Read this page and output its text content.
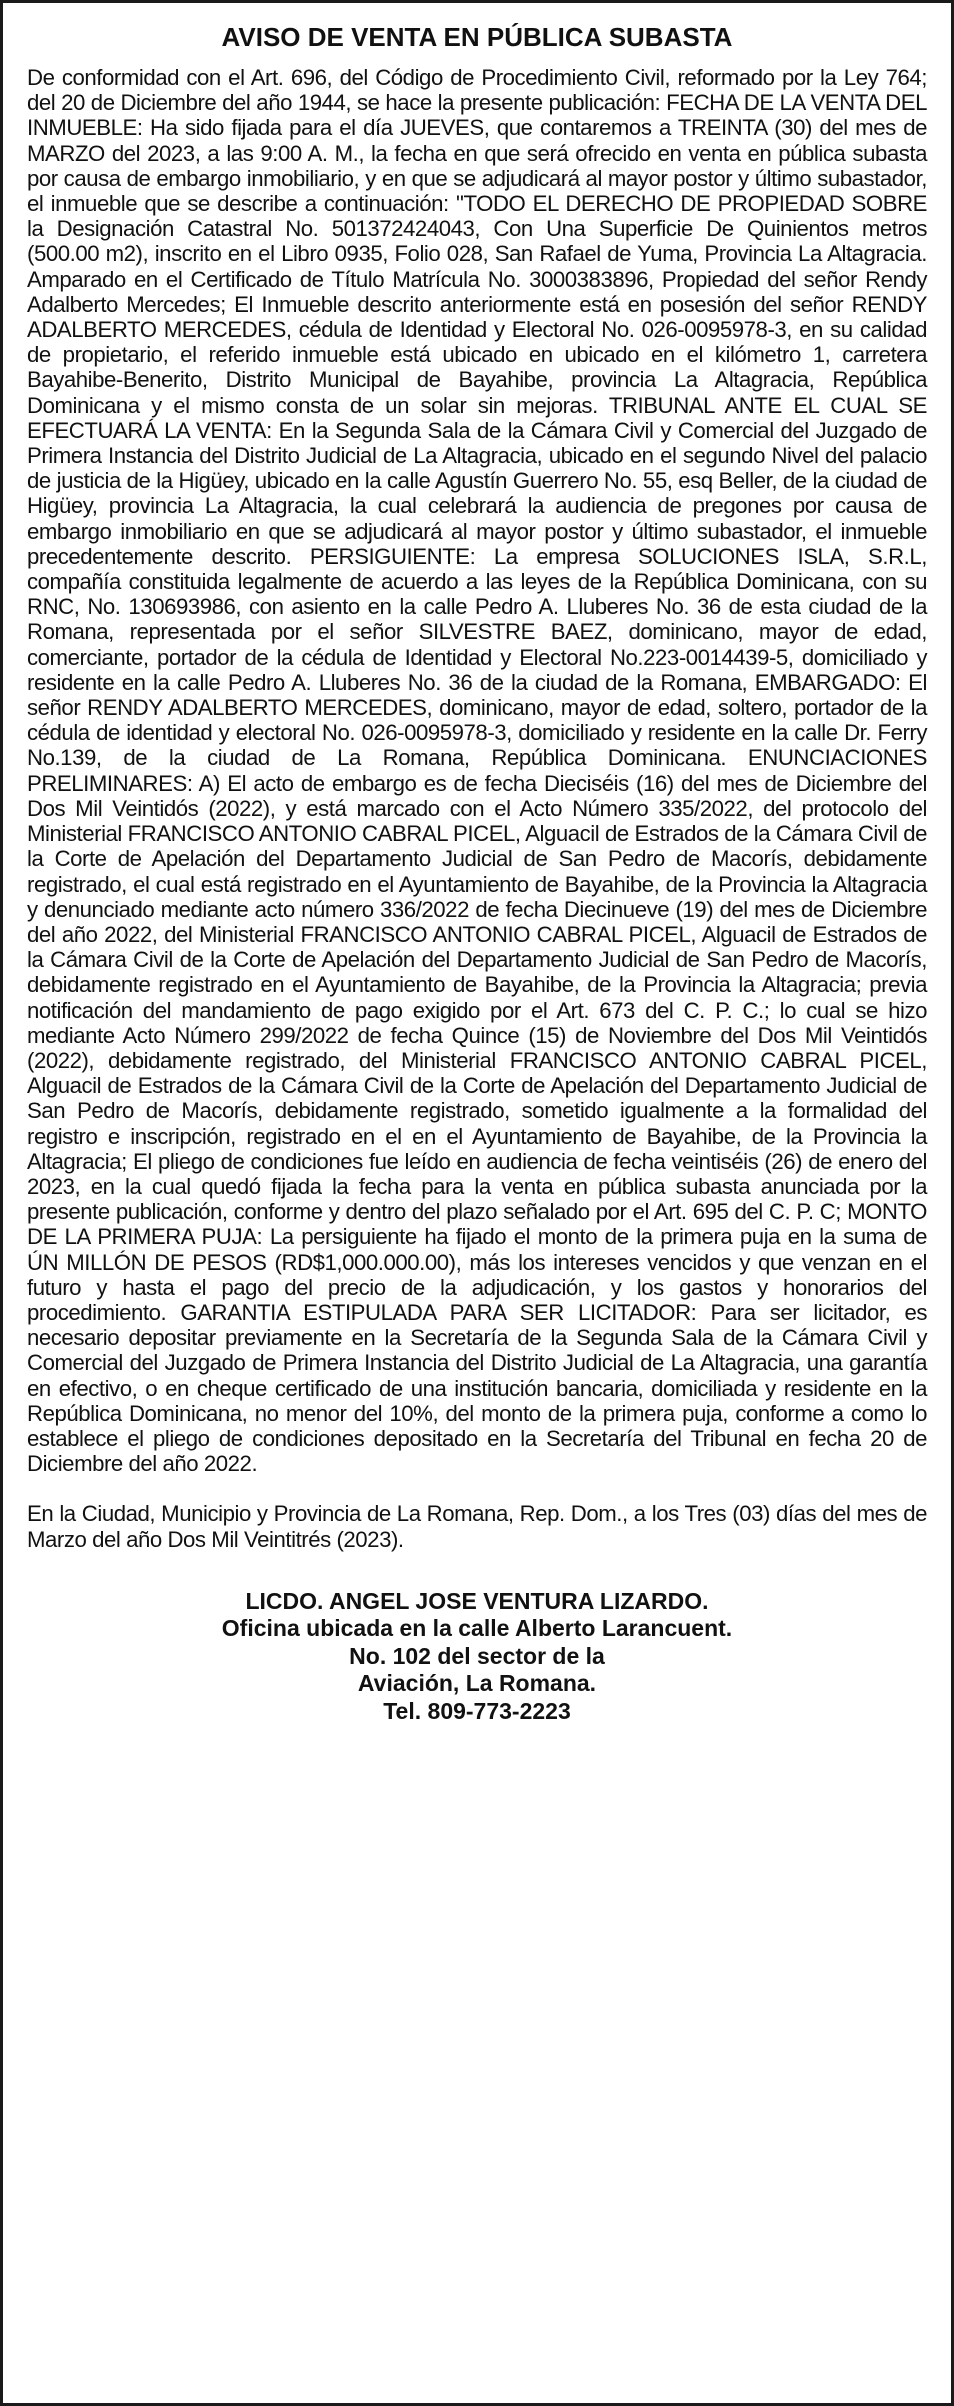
AVISO DE VENTA EN PÚBLICA SUBASTA

De conformidad con el Art. 696, del Código de Procedimiento Civil, reformado por la Ley 764; del 20 de Diciembre del año 1944, se hace la presente publicación: FECHA DE LA VENTA DEL INMUEBLE: Ha sido fijada para el día JUEVES, que contaremos a TREINTA (30) del mes de MARZO del 2023, a las 9:00 A. M., la fecha en que será ofrecido en venta en pública subasta por causa de embargo inmobiliario, y en que se adjudicará al mayor postor y último subastador, el inmueble que se describe a continuación: "TODO EL DERECHO DE PROPIEDAD SOBRE la Designación Catastral No. 501372424043, Con Una Superficie De Quinientos metros (500.00 m2), inscrito en el Libro 0935, Folio 028, San Rafael de Yuma, Provincia La Altagracia. Amparado en el Certificado de Título Matrícula No. 3000383896, Propiedad del señor Rendy Adalberto Mercedes; El Inmueble descrito anteriormente está en posesión del señor RENDY ADALBERTO MERCEDES, cédula de Identidad y Electoral No. 026-0095978-3, en su calidad de propietario, el referido inmueble está ubicado en ubicado en el kilómetro 1, carretera Bayahibe-Benerito, Distrito Municipal de Bayahibe, provincia La Altagracia, República Dominicana y el mismo consta de un solar sin mejoras. TRIBUNAL ANTE EL CUAL SE EFECTUARÁ LA VENTA: En la Segunda Sala de la Cámara Civil y Comercial del Juzgado de Primera Instancia del Distrito Judicial de La Altagracia, ubicado en el segundo Nivel del palacio de justicia de la Higüey, ubicado en la calle Agustín Guerrero No. 55, esq Beller, de la ciudad de Higüey, provincia La Altagracia, la cual celebrará la audiencia de pregones por causa de embargo inmobiliario en que se adjudicará al mayor postor y último subastador, el inmueble precedentemente descrito. PERSIGUIENTE: La empresa SOLUCIONES ISLA, S.R.L, compañía constituida legalmente de acuerdo a las leyes de la República Dominicana, con su RNC, No. 130693986, con asiento en la calle Pedro A. Lluberes No. 36 de esta ciudad de la Romana, representada por el señor SILVESTRE BAEZ, dominicano, mayor de edad, comerciante, portador de la cédula de Identidad y Electoral No.223-0014439-5, domiciliado y residente en la calle Pedro A. Lluberes No. 36 de la ciudad de la Romana, EMBARGADO: El señor RENDY ADALBERTO MERCEDES, dominicano, mayor de edad, soltero, portador de la cédula de identidad y electoral No. 026-0095978-3, domiciliado y residente en la calle Dr. Ferry No.139, de la ciudad de La Romana, República Dominicana. ENUNCIACIONES PRELIMINARES: A) El acto de embargo es de fecha Dieciséis (16) del mes de Diciembre del Dos Mil Veintidós (2022), y está marcado con el Acto Número 335/2022, del protocolo del Ministerial FRANCISCO ANTONIO CABRAL PICEL, Alguacil de Estrados de la Cámara Civil de la Corte de Apelación del Departamento Judicial de San Pedro de Macorís, debidamente registrado, el cual está registrado en el Ayuntamiento de Bayahibe, de la Provincia la Altagracia y denunciado mediante acto número 336/2022 de fecha Diecinueve (19) del mes de Diciembre del año 2022, del Ministerial FRANCISCO ANTONIO CABRAL PICEL, Alguacil de Estrados de la Cámara Civil de la Corte de Apelación del Departamento Judicial de San Pedro de Macorís, debidamente registrado en el Ayuntamiento de Bayahibe, de la Provincia la Altagracia; previa notificación del mandamiento de pago exigido por el Art. 673 del C. P. C.; lo cual se hizo mediante Acto Número 299/2022 de fecha Quince (15) de Noviembre del Dos Mil Veintidós (2022), debidamente registrado, del Ministerial FRANCISCO ANTONIO CABRAL PICEL, Alguacil de Estrados de la Cámara Civil de la Corte de Apelación del Departamento Judicial de San Pedro de Macorís, debidamente registrado, sometido igualmente a la formalidad del registro e inscripción, registrado en el en el Ayuntamiento de Bayahibe, de la Provincia la Altagracia; El pliego de condiciones fue leído en audiencia de fecha veintiséis (26) de enero del 2023, en la cual quedó fijada la fecha para la venta en pública subasta anunciada por la presente publicación, conforme y dentro del plazo señalado por el Art. 695 del C. P. C; MONTO DE LA PRIMERA PUJA: La persiguiente ha fijado el monto de la primera puja en la suma de ÚN MILLÓN DE PESOS (RD$1,000.000.00), más los intereses vencidos y que venzan en el futuro y hasta el pago del precio de la adjudicación, y los gastos y honorarios del procedimiento. GARANTIA ESTIPULADA PARA SER LICITADOR: Para ser licitador, es necesario depositar previamente en la Secretaría de la Segunda Sala de la Cámara Civil y Comercial del Juzgado de Primera Instancia del Distrito Judicial de La Altagracia, una garantía en efectivo, o en cheque certificado de una institución bancaria, domiciliada y residente en la República Dominicana, no menor del 10%, del monto de la primera puja, conforme a como lo establece el pliego de condiciones depositado en la Secretaría del Tribunal en fecha 20 de Diciembre del año 2022.

En la Ciudad, Municipio y Provincia de La Romana, Rep. Dom., a los Tres (03) días del mes de Marzo del año Dos Mil Veintitrés (2023).

LICDO. ANGEL JOSE VENTURA LIZARDO.
Oficina ubicada en la calle Alberto Larancuent.
No. 102 del sector de la
Aviación, La Romana.
Tel. 809-773-2223
